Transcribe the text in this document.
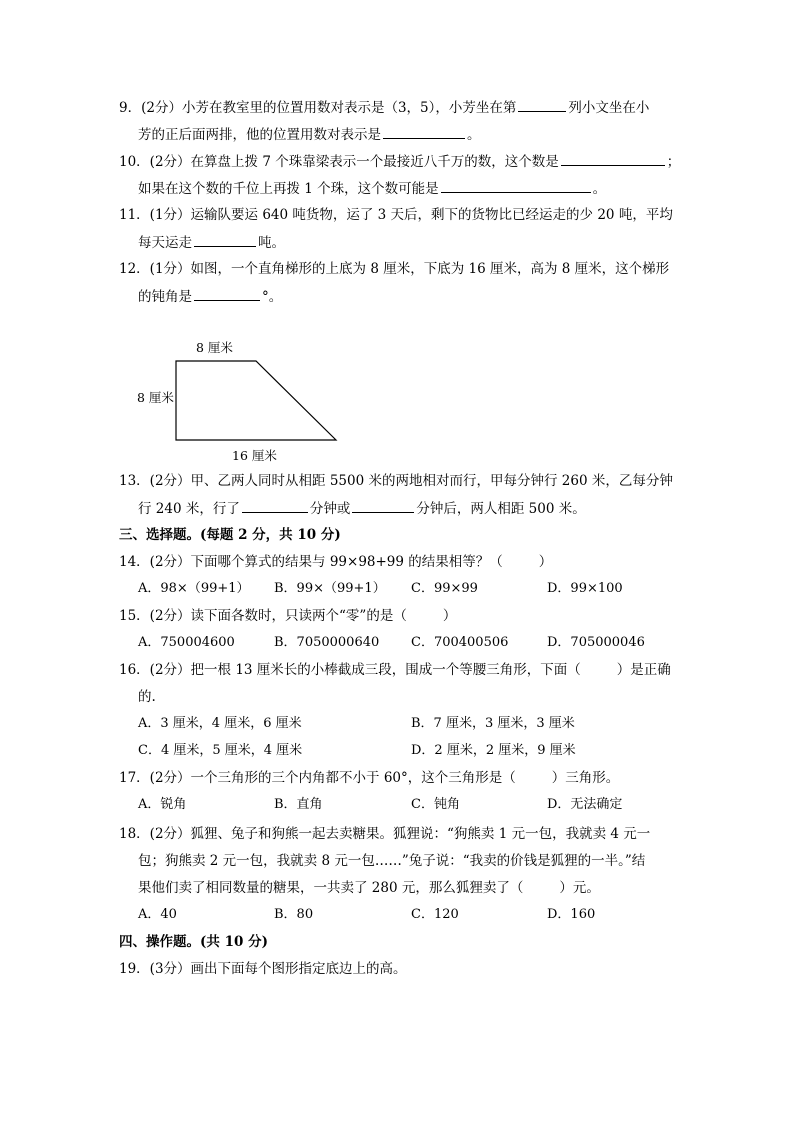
9．(2分）小芳在教室里的位置用数对表示是（3，5），小芳坐在第	列小文坐在小
芳的正后面两排，他的位置用数对表示是	。
10．(2分）在算盘上拨 7 个珠靠梁表示一个最接近八千万的数，这个数是	；
如果在这个数的千位上再拨 1 个珠，这个数可能是	。
11．(1分）运输队要运 640 吨货物，运了 3 天后，剩下的货物比已经运走的少 20 吨，平均
每天运走	吨。
12．(1分）如图，一个直角梯形的上底为 8 厘米，下底为 16 厘米，高为 8 厘米，这个梯形
的钝角是	°。
8 厘米
8 厘米
16 厘米
13．(2分）甲、乙两人同时从相距 5500 米的两地相对而行，甲每分钟行 260 米，乙每分钟
行 240 米，行了	分钟或	分钟后，两人相距 500 米。
三、选择题。(每题 2 分，共 10 分)
14．(2分）下面哪个算式的结果与 99×98+99 的结果相等？（	）
A．98×（99+1） B．99×（99+1） C．99×99	D．99×100
15．(2分）读下面各数时，只读两个“零”的是（	）
A．750004600	B．7050000640 C．700400506	D．705000046
16．(2分）把一根 13 厘米长的小棒截成三段，围成一个等腰三角形，下面（	）是正确
的.
A．3 厘米，4 厘米，6 厘米	B．7 厘米，3 厘米，3 厘米
C．4 厘米，5 厘米，4 厘米	D．2 厘米，2 厘米，9 厘米
17．(2分）一个三角形的三个内角都不小于 60°，这个三角形是（	）三角形。
A．锐角	B．直角	C．钝角	D．无法确定
18．(2分）狐狸、兔子和狗熊一起去卖糖果。狐狸说：“狗熊卖 1 元一包，我就卖 4 元一
包；狗熊卖 2 元一包，我就卖 8 元一包……”兔子说：“我卖的价钱是狐狸的一半。”结
果他们卖了相同数量的糖果，一共卖了 280 元，那么狐狸卖了（	）元。
A．40	B．80	C．120	D．160
四、操作题。(共 10 分)
19．(3分）画出下面每个图形指定底边上的高。
